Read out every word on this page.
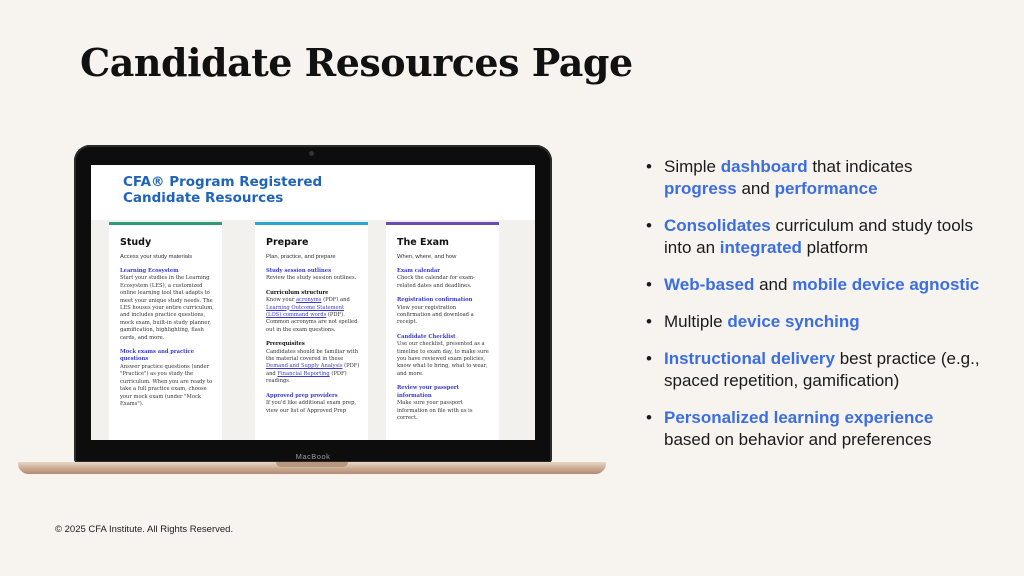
Candidate Resources Page
CFA® Program Registered Candidate Resources
Study
Access your study materials
Learning Ecosystem
Start your studies in the Learning Ecosystem (LES), a customized online learning tool that adapts to meet your unique study needs. The LES houses your entire curriculum, and includes practice questions, mock exam, built-in study planner, gamification, highlighting, flash cards, and more.
Mock exams and practice questions
Answer practice questions (under "Practice") as you study the curriculum. When you are ready to take a full practice exam, choose your mock exam (under "Mock Exams").
Prepare
Plan, practice, and prepare
Study session outlines
Review the study session outlines.
Curriculum structure
Know your acronyms (PDF) and Learning Outcome Statement (LOS) command words (PDF). Common acronyms are not spelled out in the exam questions.
Prerequisites
Candidates should be familiar with the material covered in these Demand and Supply Analysis (PDF) and Financial Reporting (PDF) readings.
Approved prep providers
If you'd like additional exam prep, view our list of Approved Prep
The Exam
When, where, and how
Exam calendar
Check the calendar for exam-related dates and deadlines.
Registration confirmation
View your registration confirmation and download a receipt.
Candidate Checklist
Use our checklist, presented as a timeline to exam day, to make sure you have reviewed exam policies, know what to bring, what to wear, and more.
Review your passport information
Make sure your passport information on file with us is correct.
MacBook
• Simple dashboard that indicates progress and performance
• Consolidates curriculum and study tools into an integrated platform
• Web-based and mobile device agnostic
• Multiple device synching
• Instructional delivery best practice (e.g., spaced repetition, gamification)
• Personalized learning experience based on behavior and preferences
© 2025 CFA Institute. All Rights Reserved.
